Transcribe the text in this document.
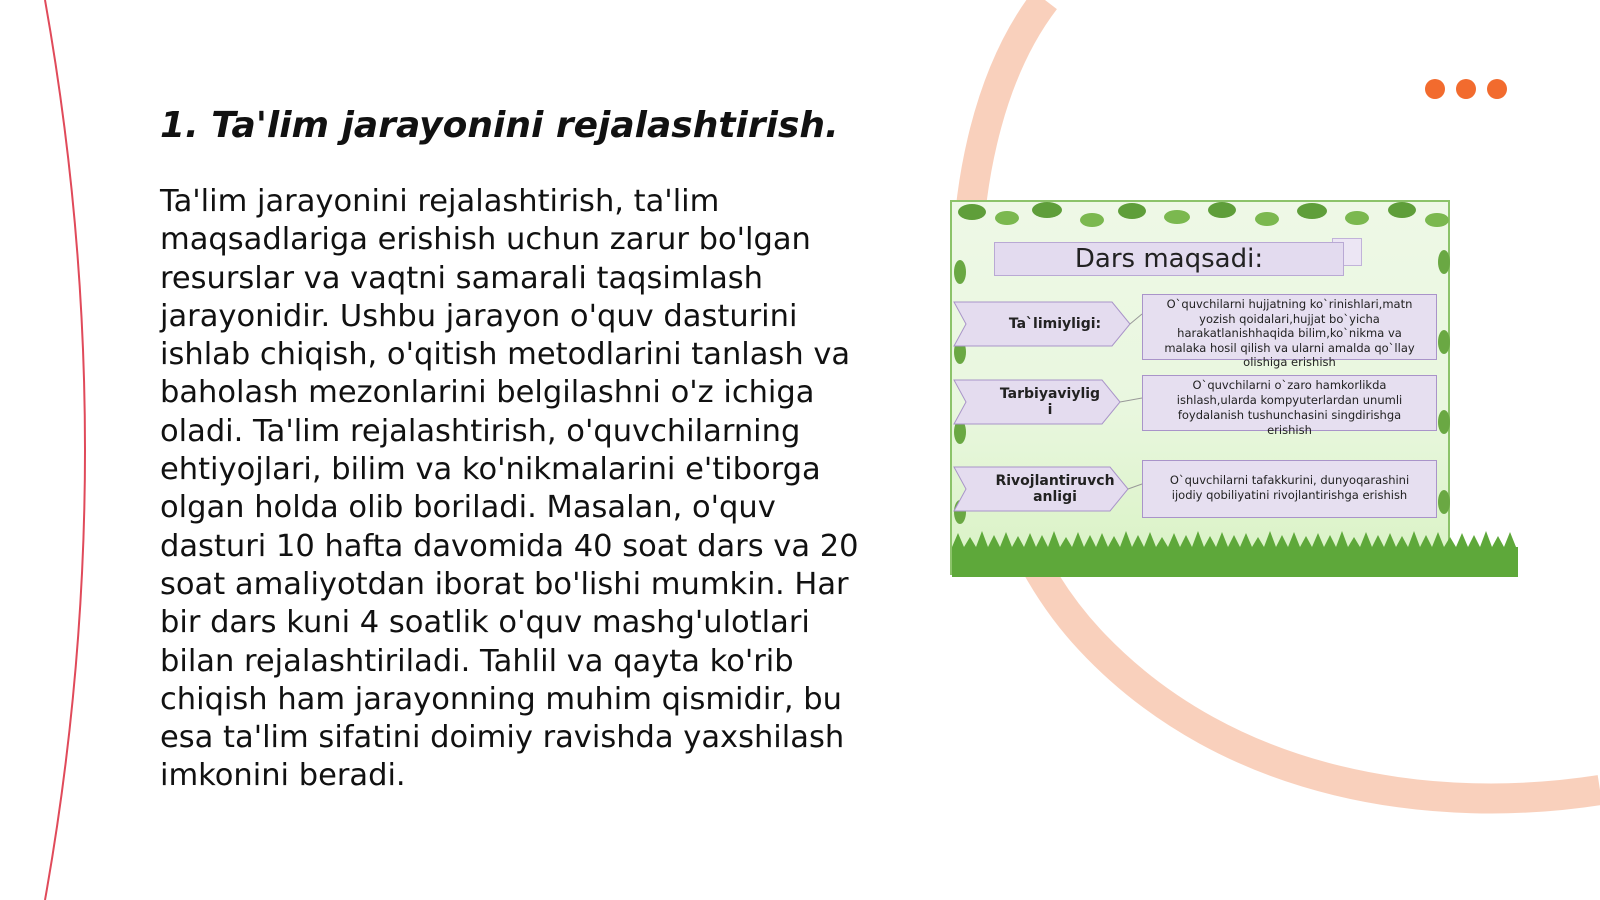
1. Ta'lim jarayonini rejalashtirish.

Ta'lim jarayonini rejalashtirish, ta'lim
maqsadlariga erishish uchun zarur bo'lgan
resurslar va vaqtni samarali taqsimlash
jarayonidir. Ushbu jarayon o'quv dasturini
ishlab chiqish, o'qitish metodlarini tanlash va
baholash mezonlarini belgilashni o'z ichiga
oladi. Ta'lim rejalashtirish, o'quvchilarning
ehtiyojlari, bilim va ko'nikmalarini e'tiborga
olgan holda olib boriladi. Masalan, o'quv
dasturi 10 hafta davomida 40 soat dars va 20
soat amaliyotdan iborat bo'lishi mumkin. Har
bir dars kuni 4 soatlik o'quv mashg'ulotlari
bilan rejalashtiriladi. Tahlil va qayta ko'rib
chiqish ham jarayonning muhim qismidir, bu
esa ta'lim sifatini doimiy ravishda yaxshilash
imkonini beradi.

Dars maqsadi:
Ta`limiyligi:
O`quvchilarni hujjatning ko`rinishlari,matn
yozish qoidalari,hujjat bo`yicha
harakatlanishhaqida bilim,ko`nikma va
malaka hosil qilish va ularni amalda qo`llay
olishiga erishish
Tarbiyaviylig
i
O`quvchilarni o`zaro hamkorlikda
ishlash,ularda kompyuterlardan unumli
foydalanish tushunchasini singdirishga
erishish
Rivojlantiruvch
anligi
O`quvchilarni tafakkurini, dunyoqarashini
ijodiy qobiliyatini rivojlantirishga erishish
